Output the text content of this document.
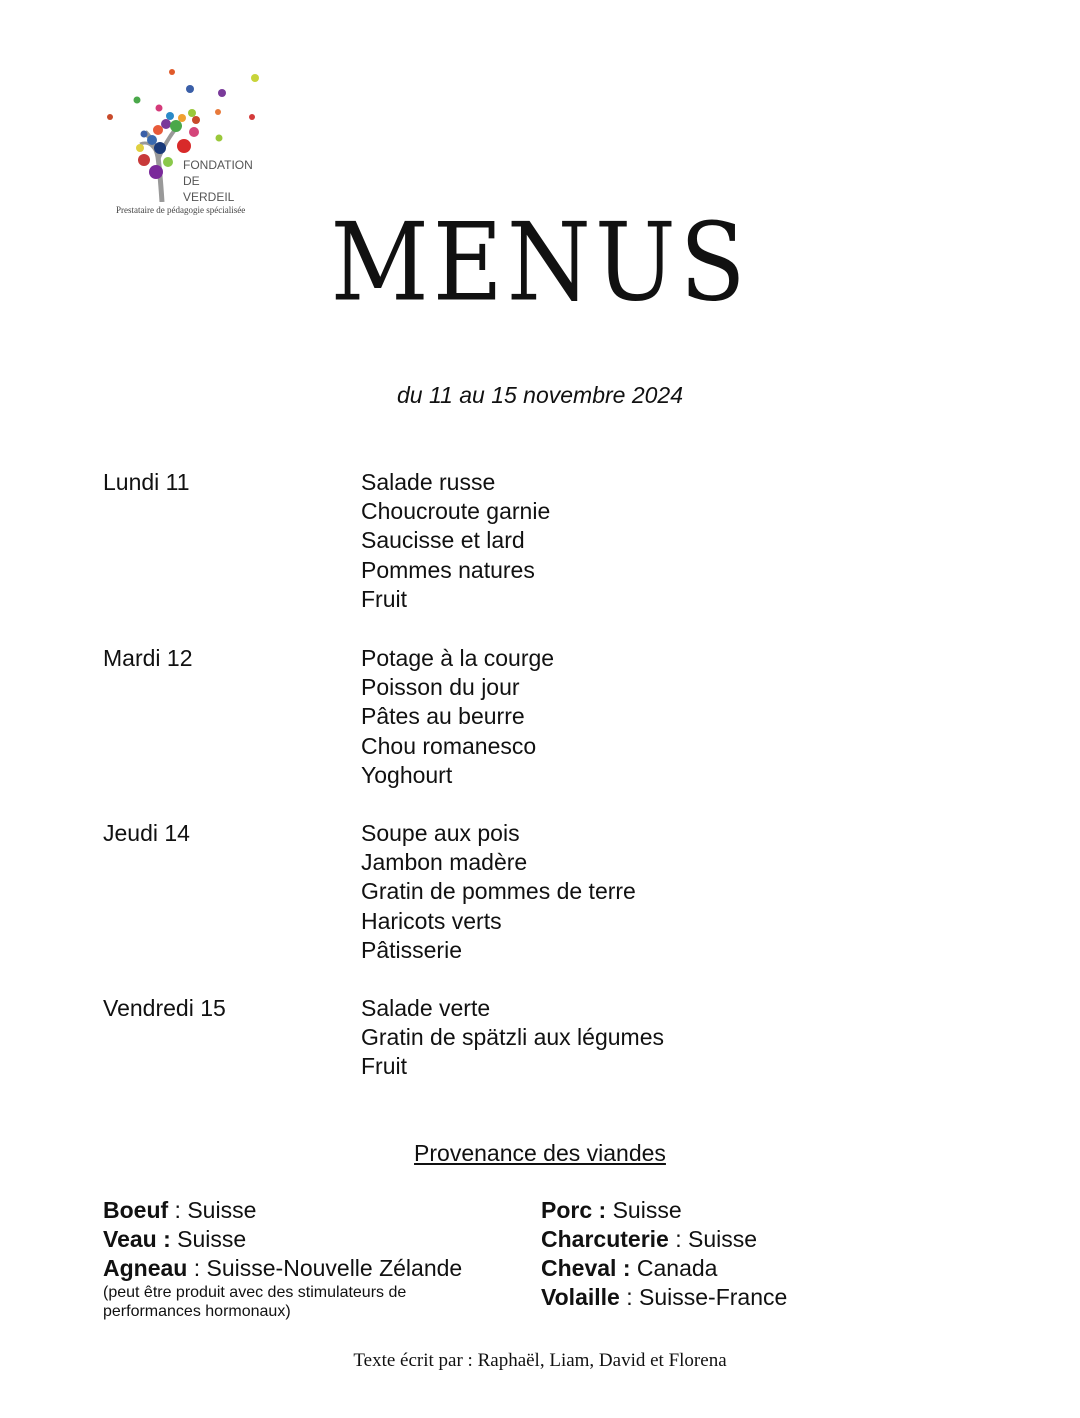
FONDATION
DE
VERDEIL
Prestataire de pédagogie spécialisée MENUS
du 11 au 15 novembre 2024
Lundi 11	Salade russe
Choucroute garnie
Saucisse et lard
Pommes natures
Fruit
Mardi 12	Potage à la courge
Poisson du jour
Pâtes au beurre
Chou romanesco
Yoghourt
Jeudi 14	Soupe aux pois
Jambon madère
Gratin de pommes de terre
Haricots verts
Pâtisserie
Vendredi 15	Salade verte
Gratin de spätzli aux légumes
Fruit
Provenance des viandes
Boeuf : Suisse
Veau : Suisse
Agneau : Suisse-Nouvelle Zélande
(peut être produit avec des stimulateurs de performances hormonaux)
Porc : Suisse
Charcuterie : Suisse
Cheval : Canada
Volaille : Suisse-France
Texte écrit par : Raphaël, Liam, David et Florena
